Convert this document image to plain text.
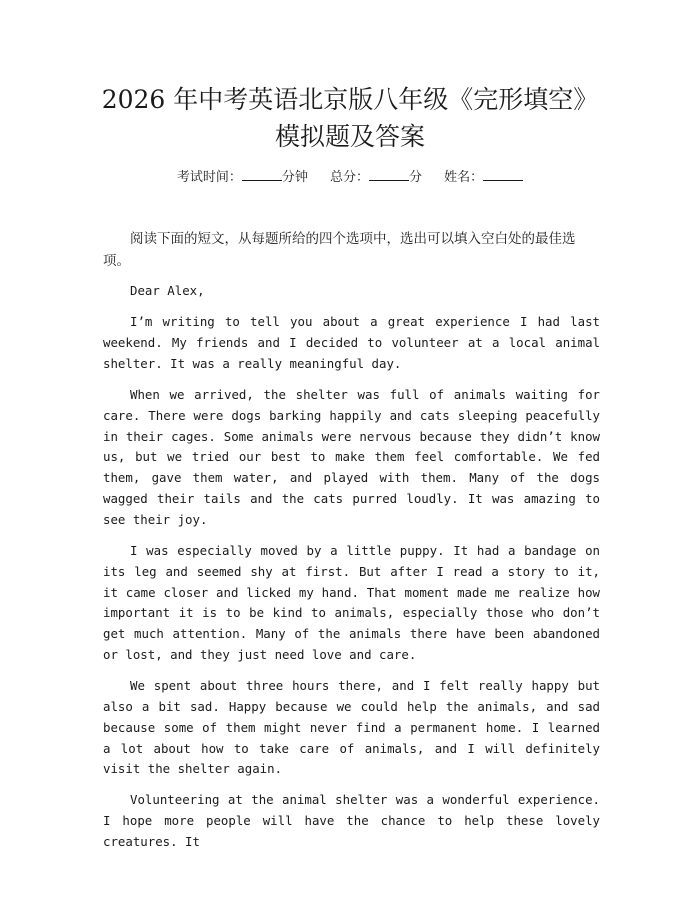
2026 年中考英语北京版八年级《完形填空》
模拟题及答案
考试时间：	分钟 总分：	分 姓名：

阅读下面的短文，从每题所给的四个选项中，选出可以填入空白处的最佳选项。

Dear Alex,

I’m writing to tell you about a great experience I had last weekend. My friends and I decided to volunteer at a local animal shelter. It was a really meaningful day.

When we arrived, the shelter was full of animals waiting for care. There were dogs barking happily and cats sleeping peacefully in their cages. Some animals were nervous because they didn’t know us, but we tried our best to make them feel comfortable. We fed them, gave them water, and played with them. Many of the dogs wagged their tails and the cats purred loudly. It was amazing to see their joy.

I was especially moved by a little puppy. It had a bandage on its leg and seemed shy at first. But after I read a story to it, it came closer and licked my hand. That moment made me realize how important it is to be kind to animals, especially those who don’t get much attention. Many of the animals there have been abandoned or lost, and they just need love and care.

We spent about three hours there, and I felt really happy but also a bit sad. Happy because we could help the animals, and sad because some of them might never find a permanent home. I learned a lot about how to take care of animals, and I will definitely visit the shelter again.

Volunteering at the animal shelter was a wonderful experience. I hope more people will have the chance to help these lovely creatures. It
